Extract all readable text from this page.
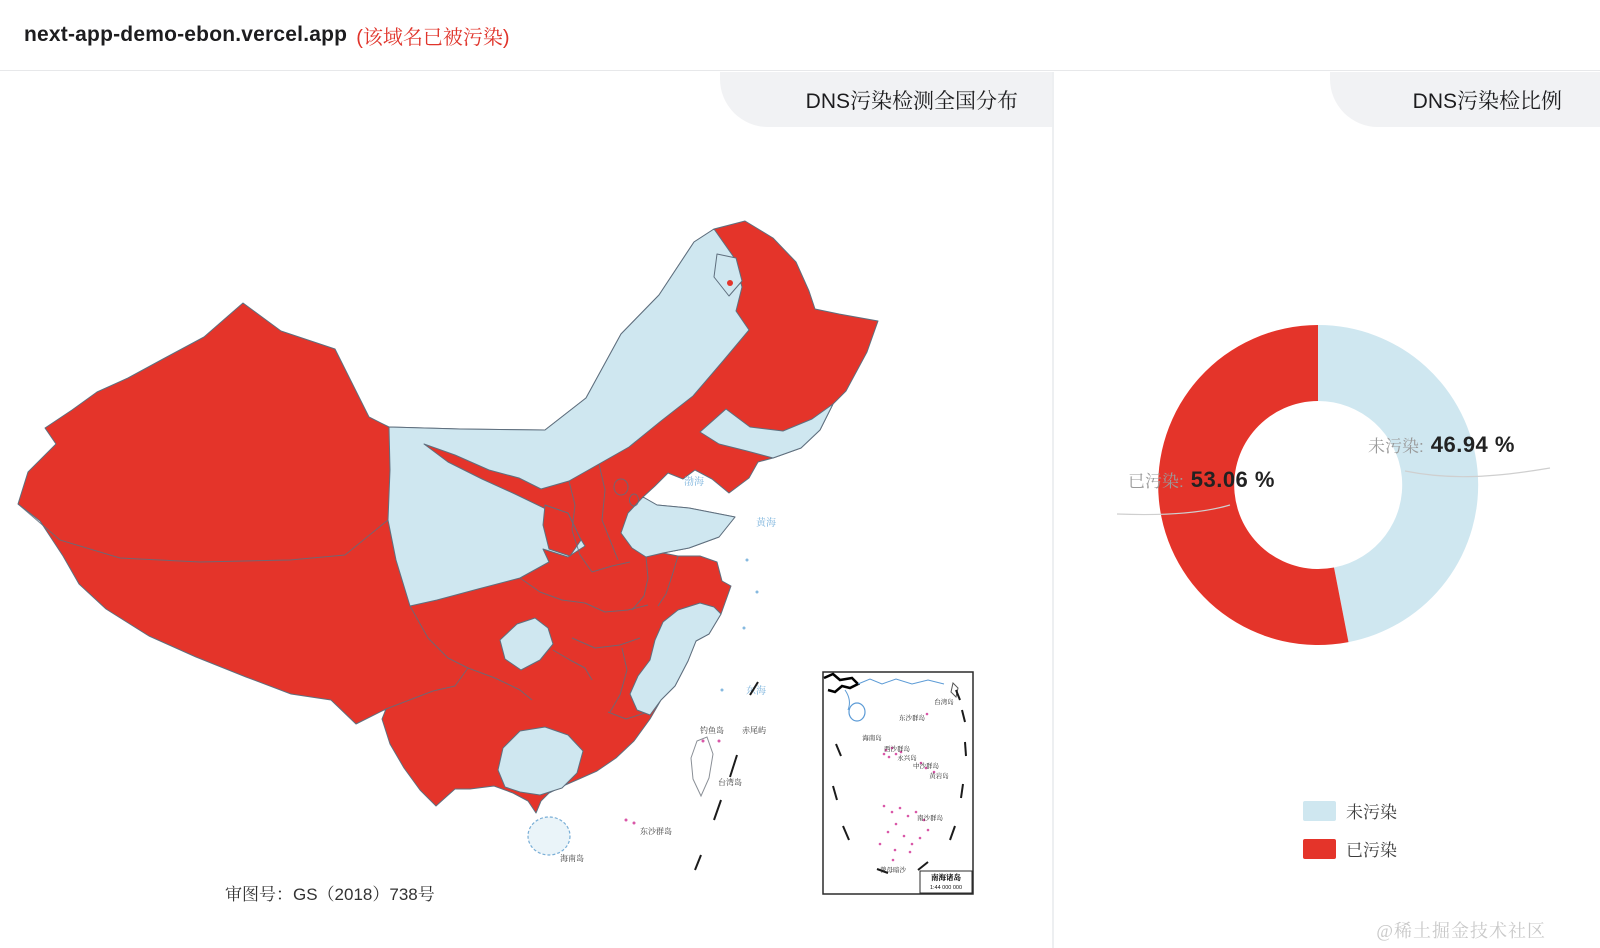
next-app-demo-ebon.vercel.app (该域名已被污染)
DNS污染检测全国分布	DNS污染检比例
渤海
黄海
东海
钓鱼岛 赤尾屿
台湾岛
东沙群岛
海南岛
台湾岛
东沙群岛
海南岛
西沙群岛
永兴岛
中沙群岛
黄岩岛
南沙群岛
曾母暗沙
南海诸岛
1:44 000 000
审图号：GS（2018）738号
未污染: 46.94 %
已污染: 53.06 %
未污染
已污染
@稀土掘金技术社区
